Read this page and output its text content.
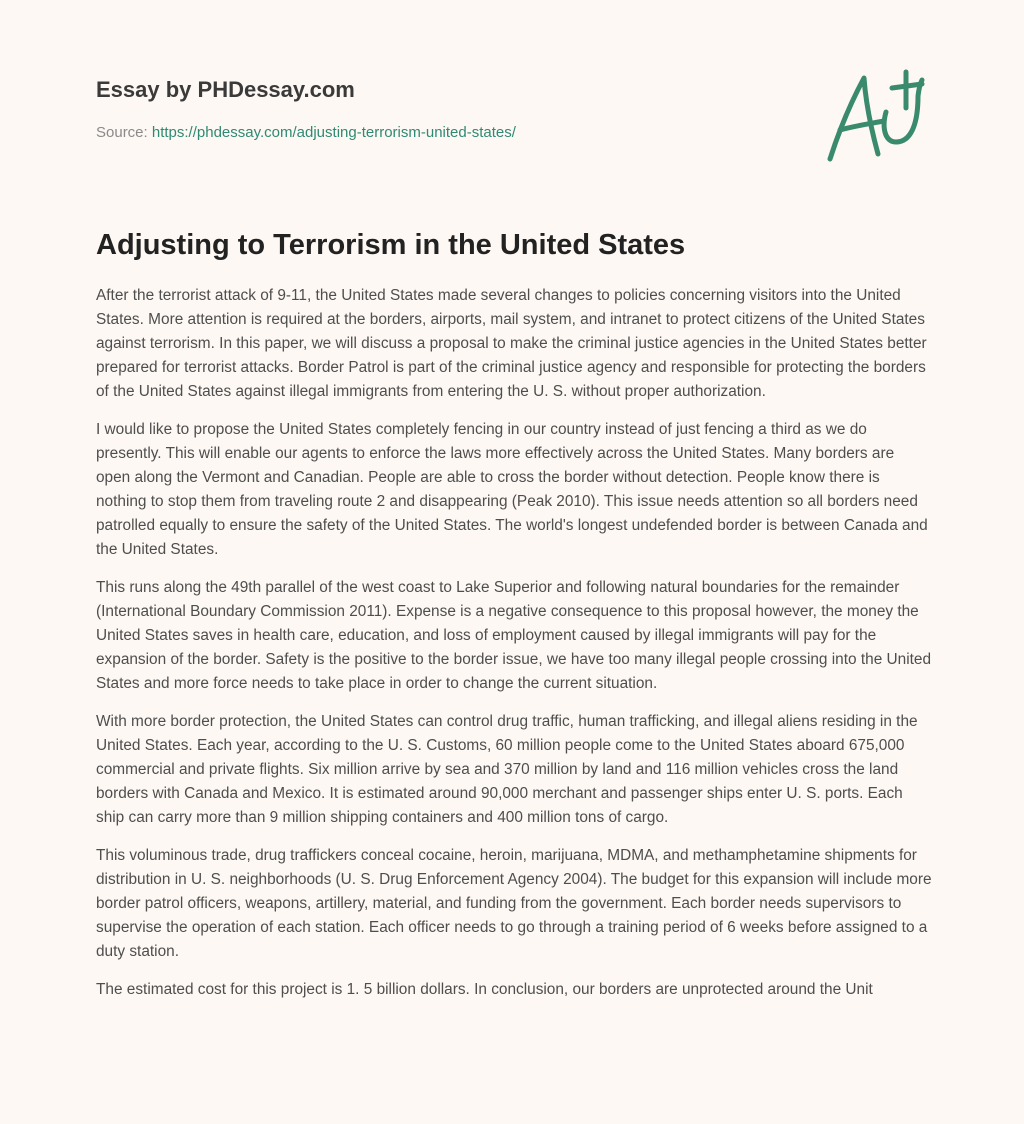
Essay by PHDessay.com
Source: https://phdessay.com/adjusting-terrorism-united-states/
Adjusting to Terrorism in the United States

After the terrorist attack of 9-11, the United States made several changes to policies concerning visitors into the United States. More attention is required at the borders, airports, mail system, and intranet to protect citizens of the United States against terrorism. In this paper, we will discuss a proposal to make the criminal justice agencies in the United States better prepared for terrorist attacks. Border Patrol is part of the criminal justice agency and responsible for protecting the borders of the United States against illegal immigrants from entering the U. S. without proper authorization.

I would like to propose the United States completely fencing in our country instead of just fencing a third as we do presently. This will enable our agents to enforce the laws more effectively across the United States. Many borders are open along the Vermont and Canadian. People are able to cross the border without detection. People know there is nothing to stop them from traveling route 2 and disappearing (Peak 2010). This issue needs attention so all borders need patrolled equally to ensure the safety of the United States. The world's longest undefended border is between Canada and the United States.

This runs along the 49th parallel of the west coast to Lake Superior and following natural boundaries for the remainder (International Boundary Commission 2011). Expense is a negative consequence to this proposal however, the money the United States saves in health care, education, and loss of employment caused by illegal immigrants will pay for the expansion of the border. Safety is the positive to the border issue, we have too many illegal people crossing into the United States and more force needs to take place in order to change the current situation.

With more border protection, the United States can control drug traffic, human trafficking, and illegal aliens residing in the United States. Each year, according to the U. S. Customs, 60 million people come to the United States aboard 675,000 commercial and private flights. Six million arrive by sea and 370 million by land and 116 million vehicles cross the land borders with Canada and Mexico. It is estimated around 90,000 merchant and passenger ships enter U. S. ports. Each ship can carry more than 9 million shipping containers and 400 million tons of cargo.

This voluminous trade, drug traffickers conceal cocaine, heroin, marijuana, MDMA, and methamphetamine shipments for distribution in U. S. neighborhoods (U. S. Drug Enforcement Agency 2004). The budget for this expansion will include more border patrol officers, weapons, artillery, material, and funding from the government. Each border needs supervisors to supervise the operation of each station. Each officer needs to go through a training period of 6 weeks before assigned to a duty station.

The estimated cost for this project is 1. 5 billion dollars. In conclusion, our borders are unprotected around the Unit
